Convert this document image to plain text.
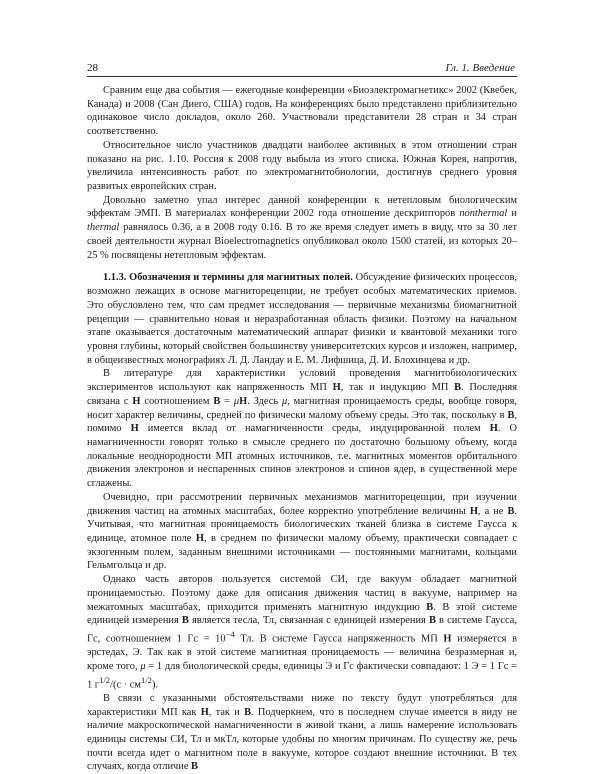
28	Гл. 1. Введение

Сравним еще два события — ежегодные конференции «Биоэлектромагнетикс» 2002 (Квебек, Канада) и 2008 (Сан Диего, США) годов. На конференциях было представлено приблизительно одинаковое число докладов, около 260. Участвовали представители 28 стран и 34 стран соответственно.

Относительное число участников двадцати наиболее активных в этом отношении стран показано на рис. 1.10. Россия к 2008 году выбыла из этого списка. Южная Корея, напротив, увеличила интенсивность работ по электромагнитобиологии, достигнув среднего уровня развитых европейских стран.

Довольно заметно упал интерес данной конференции к нетепловым биологическим эффектам ЭМП. В материалах конференции 2002 года отношение дескрипторов nonthermal и thermal равнялось 0.36, а в 2008 году 0.16. В то же время следует иметь в виду, что за 30 лет своей деятельности журнал Bioelectromagnetics опубликовал около 1500 статей, из которых 20–25 % посвящены нетепловым эффектам.

1.1.3. Обозначения и термины для магнитных полей. Обсуждение физических процессов, возможно лежащих в основе магниторецепции, не требует особых математических приемов. Это обусловлено тем, что сам предмет исследования — первичные механизмы биомагнитной рецепции — сравнительно новая и неразработанная область физики. Поэтому на начальном этапе оказывается достаточным математический аппарат физики и квантовой механики того уровня глубины, который свойствен большинству университетских курсов и изложен, например, в общеизвестных монографиях Л. Д. Ландау и Е. М. Лифшица, Д. И. Блохинцева и др.

В литературе для характеристики условий проведения магнитобиологических экспериментов используют как напряженность МП H, так и индукцию МП B. Последняя связана с H соотношением B = μH. Здесь μ, магнитная проницаемость среды, вообще говоря, носит характер величины, средней по физически малому объему среды. Это так, поскольку в B, помимо H имеется вклад от намагниченности среды, индуцированной полем H. О намагниченности говорят только в смысле среднего по достаточно большому объему, когда локальные неоднородности МП атомных источников, т.е. магнитных моментов орбитального движения электронов и неспаренных спинов электронов и спинов ядер, в существенной мере сглажены.

Очевидно, при рассмотрении первичных механизмов магниторецепции, при изучении движения частиц на атомных масштабах, более корректно употребление величины H, а не B. Учитывая, что магнитная проницаемость биологических тканей близка в системе Гаусса к единице, атомное поле H, в среднем по физически малому объему, практически совпадает с экзогенным полем, заданным внешними источниками — постоянными магнитами, кольцами Гельмгольца и др.

Однако часть авторов пользуется системой СИ, где вакуум обладает магнитной проницаемостью. Поэтому даже для описания движения частиц в вакууме, например на межатомных масштабах, приходится применять магнитную индукцию B. В этой системе единицей измерения B является тесла, Тл, связанная с единицей измерения B в системе Гаусса, Гс, соотношением 1 Гс = $10^{-4}$ Тл. В системе Гаусса напряженность МП H измеряется в эрстедах, Э. Так как в этой системе магнитная проницаемость — величина безразмерная и, кроме того, μ = 1 для биологической среды, единицы Э и Гс фактически совпадают: 1 Э = 1 Гс = 1 $г^{1/2}/(с \cdot см^{1/2})$.

В связи с указанными обстоятельствами ниже по тексту будут употребляться для характеристики МП как H, так и B. Подчеркнем, что в последнем случае имеется в виду не наличие макроскопической намагниченности в живой ткани, а лишь намерение использовать единицы системы СИ, Тл и мкТл, которые удобны по многим причинам. По существу же, речь почти всегда идет о магнитном поле в вакууме, которое создают внешние источники. В тех случаях, когда отличие B
